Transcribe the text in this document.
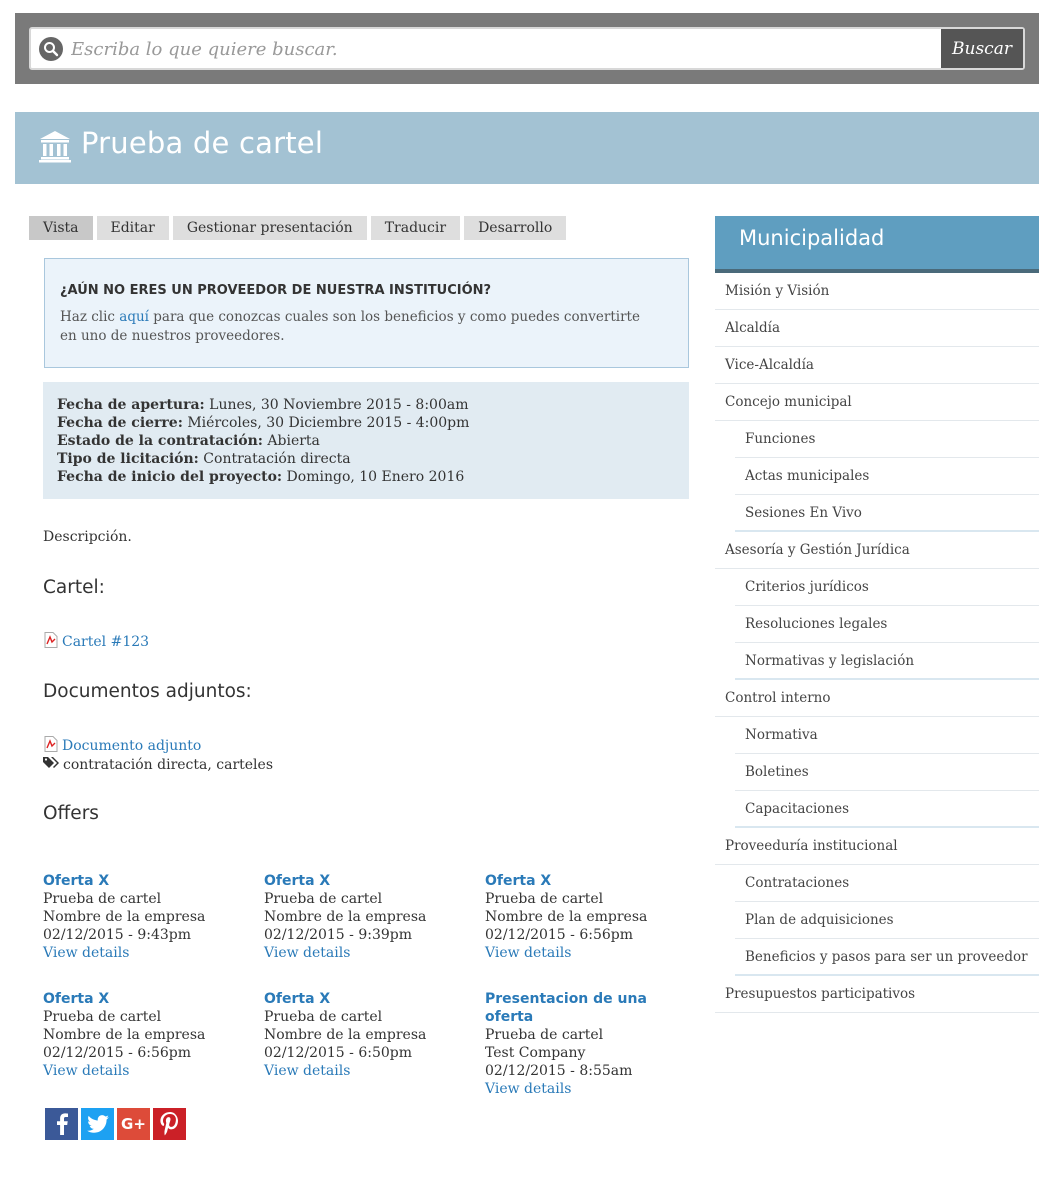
Escriba lo que quiere buscar.
Buscar
Prueba de cartel
Vista	Editar	Gestionar presentación	Traducir	Desarrollo
¿AÚN NO ERES UN PROVEEDOR DE NUESTRA INSTITUCIÓN?

Haz clic aquí para que conozcas cuales son los beneficios y como puedes convertirte en uno de nuestros proveedores.

Fecha de apertura: Lunes, 30 Noviembre 2015 - 8:00am
Fecha de cierre: Miércoles, 30 Diciembre 2015 - 4:00pm
Estado de la contratación: Abierta
Tipo de licitación: Contratación directa
Fecha de inicio del proyecto: Domingo, 10 Enero 2016
Descripción.
Cartel:
Cartel #123
Documentos adjuntos:
Documento adjunto
contratación directa, carteles
Offers
Oferta X
Prueba de cartel
Nombre de la empresa
02/12/2015 - 9:43pm
View details
Oferta X
Prueba de cartel
Nombre de la empresa
02/12/2015 - 9:39pm
View details
Oferta X
Prueba de cartel
Nombre de la empresa
02/12/2015 - 6:56pm
View details
Oferta X
Prueba de cartel
Nombre de la empresa
02/12/2015 - 6:56pm
View details
Oferta X
Prueba de cartel
Nombre de la empresa
02/12/2015 - 6:50pm
View details
Presentacion de una oferta
Prueba de cartel
Test Company
02/12/2015 - 8:55am
View details
G+
Municipalidad
Misión y Visión
Alcaldía
Vice-Alcaldía
Concejo municipal
Funciones
Actas municipales
Sesiones En Vivo
Asesoría y Gestión Jurídica
Criterios jurídicos
Resoluciones legales
Normativas y legislación
Control interno
Normativa
Boletines
Capacitaciones
Proveeduría institucional
Contrataciones
Plan de adquisiciones
Beneficios y pasos para ser un proveedor
Presupuestos participativos
